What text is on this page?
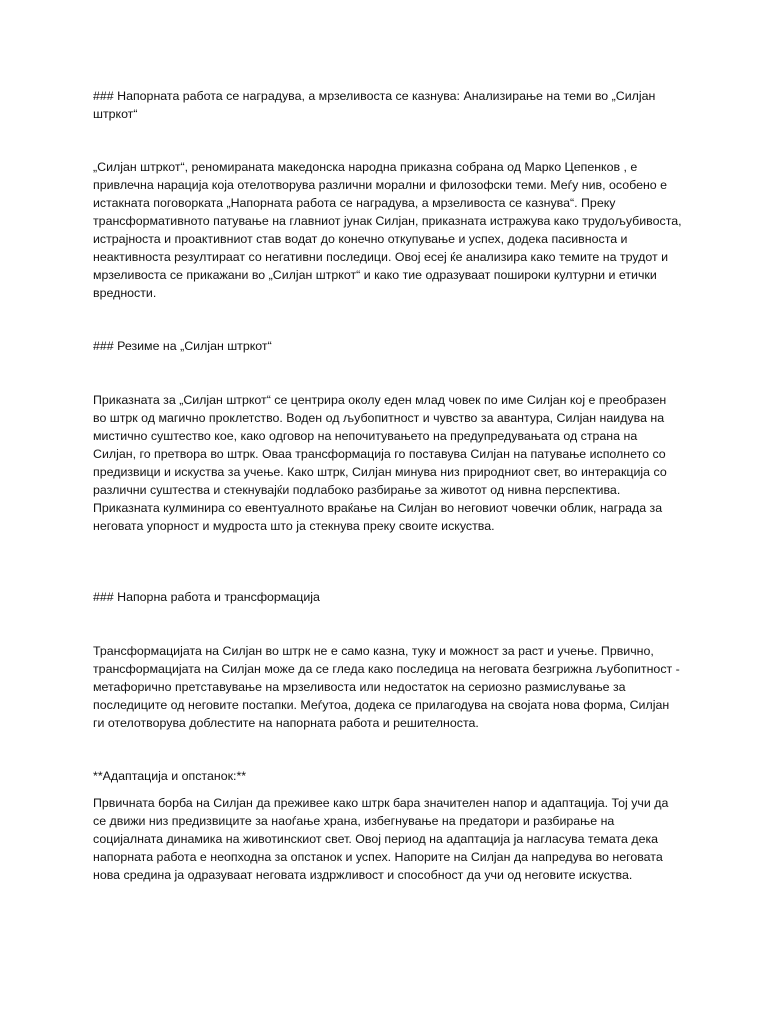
### Напорната работа се наградува, а мрзеливоста се казнува: Анализирање на теми во „Силјан штркот“

„Силјан штркот“, реномираната македонска народна приказна собрана од Марко Цепенков , е привлечна нарација која отелотворува различни морални и филозофски теми. Меѓу нив, особено е истакната поговорката „Напорната работа се наградува, а мрзеливоста се казнува“. Преку трансформативното патување на главниот јунак Силјан, приказната истражува како трудољубивоста, истрајноста и проактивниот став водат до конечно откупување и успех, додека пасивноста и неактивноста резултираат со негативни последици. Овој есеј ќе анализира како темите на трудот и мрзеливоста се прикажани во „Силјан штркот“ и како тие одразуваат пошироки културни и етички вредности.

### Резиме на „Силјан штркот“

Приказната за „Силјан штркот“ се центрира околу еден млад човек по име Силјан кој е преобразен во штрк од магично проклетство. Воден од љубопитност и чувство за авантура, Силјан наидува на мистично суштество кое, како одговор на непочитувањето на предупредувањата од страна на Силјан, го претвора во штрк. Оваа трансформација го поставува Силјан на патување исполнето со предизвици и искуства за учење. Како штрк, Силјан минува низ природниот свет, во интеракција со различни суштества и стекнувајќи подлабоко разбирање за животот од нивна перспектива. Приказната кулминира со евентуалното враќање на Силјан во неговиот човечки облик, награда за неговата упорност и мудроста што ја стекнува преку своите искуства.

### Напорна работа и трансформација

Трансформацијата на Силјан во штрк не е само казна, туку и можност за раст и учење. Првично, трансформацијата на Силјан може да се гледа како последица на неговата безгрижна љубопитност - метафорично претставување на мрзеливоста или недостаток на сериозно размислување за последиците од неговите постапки. Меѓутоа, додека се прилагодува на својата нова форма, Силјан ги отелотворува доблестите на напорната работа и решителноста.

**Адаптација и опстанок:**

Првичната борба на Силјан да преживее како штрк бара значителен напор и адаптација. Тој учи да се движи низ предизвиците за наоѓање храна, избегнување на предатори и разбирање на социјалната динамика на животинскиот свет. Овој период на адаптација ја нагласува темата дека напорната работа е неопходна за опстанок и успех. Напорите на Силјан да напредува во неговата нова средина ја одразуваат неговата издржливост и способност да учи од неговите искуства.
